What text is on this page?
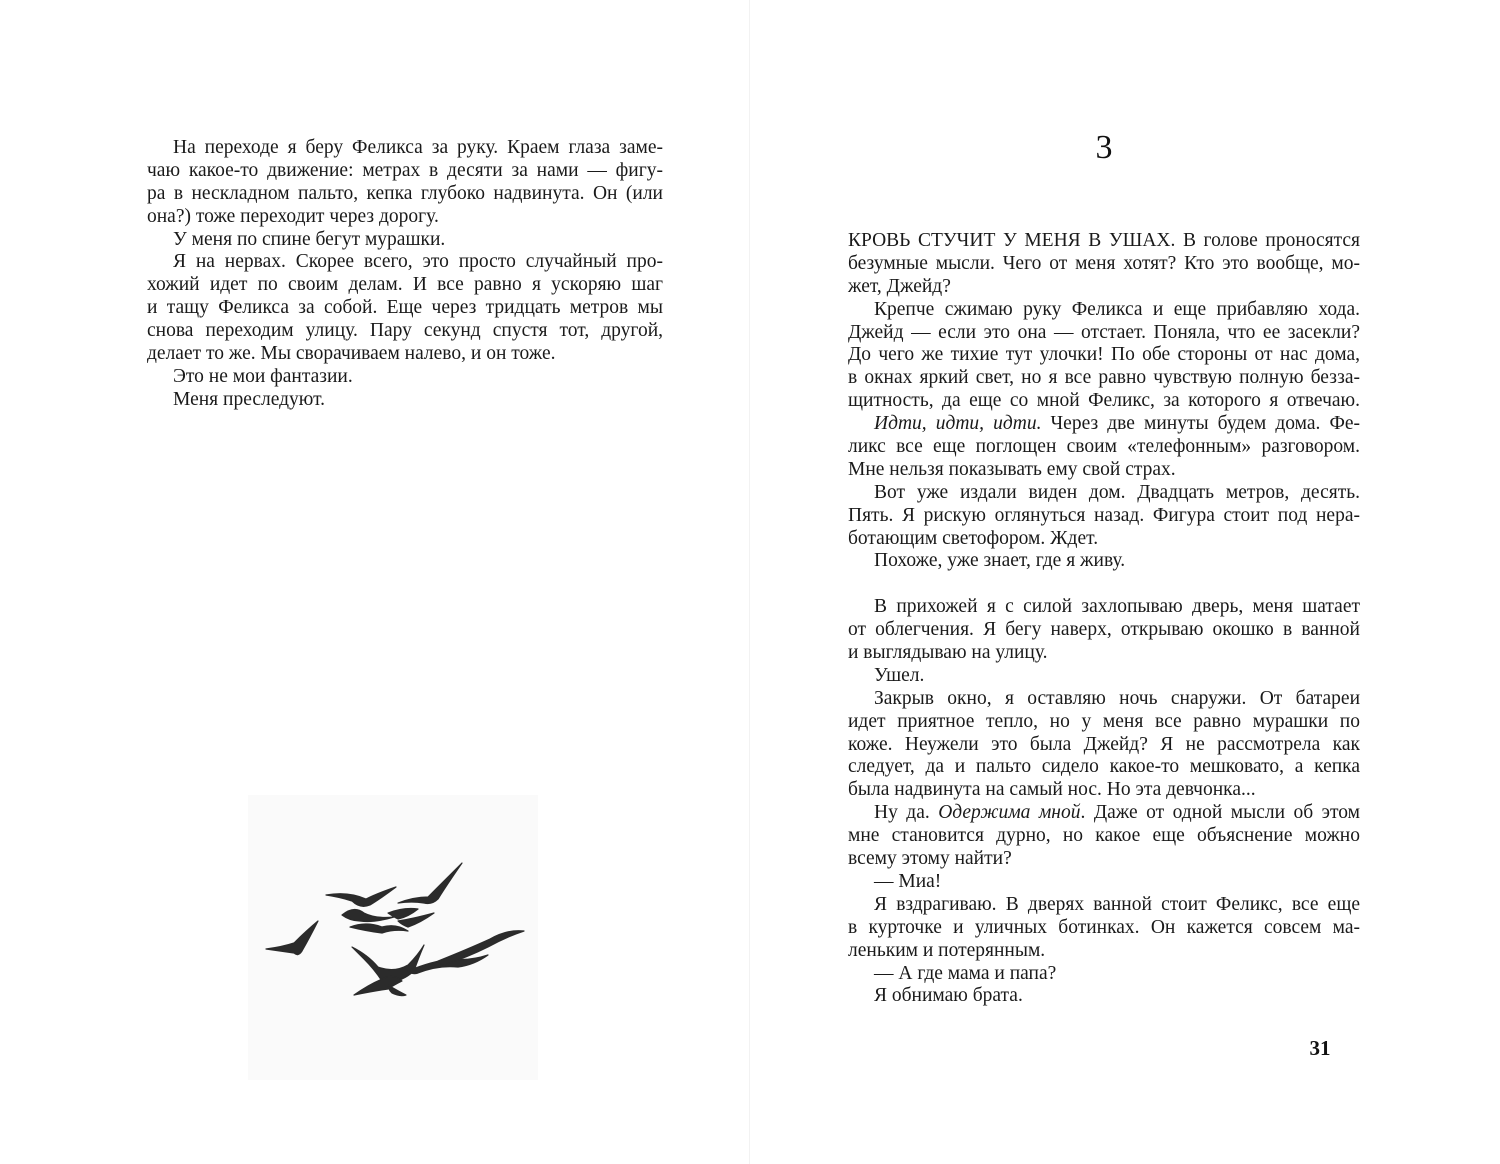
На переходе я беру Феликса за руку. Краем глаза заме-
чаю какое-то движение: метрах в десяти за нами — фигу-
ра в нескладном пальто, кепка глубоко надвинута. Он (или
она?) тоже переходит через дорогу.
У меня по спине бегут мурашки.
Я на нервах. Скорее всего, это просто случайный про-
хожий идет по своим делам. И все равно я ускоряю шаг
и тащу Феликса за собой. Еще через тридцать метров мы
снова переходим улицу. Пару секунд спустя тот, другой,
делает то же. Мы сворачиваем налево, и он тоже.
Это не мои фантазии.
Меня преследуют.
3
КРОВЬ СТУЧИТ У МЕНЯ В УШАХ. В голове проносятся
безумные мысли. Чего от меня хотят? Кто это вообще, мо-
жет, Джейд?
Крепче сжимаю руку Феликса и еще прибавляю хода.
Джейд — если это она — отстает. Поняла, что ее засекли?
До чего же тихие тут улочки! По обе стороны от нас дома,
в окнах яркий свет, но я все равно чувствую полную безза-
щитность, да еще со мной Феликс, за которого я отвечаю.
Идти, идти, идти. Через две минуты будем дома. Фе-
ликс все еще поглощен своим «телефонным» разговором.
Мне нельзя показывать ему свой страх.
Вот уже издали виден дом. Двадцать метров, десять.
Пять. Я рискую оглянуться назад. Фигура стоит под нера-
ботающим светофором. Ждет.
Похоже, уже знает, где я живу.
В прихожей я с силой захлопываю дверь, меня шатает
от облегчения. Я бегу наверх, открываю окошко в ванной
и выглядываю на улицу.
Ушел.
Закрыв окно, я оставляю ночь снаружи. От батареи
идет приятное тепло, но у меня все равно мурашки по
коже. Неужели это была Джейд? Я не рассмотрела как
следует, да и пальто сидело какое-то мешковато, а кепка
была надвинута на самый нос. Но эта девчонка...
Ну да. Одержима мной. Даже от одной мысли об этом
мне становится дурно, но какое еще объяснение можно
всему этому найти?
— Миа!
Я вздрагиваю. В дверях ванной стоит Феликс, все еще
в курточке и уличных ботинках. Он кажется совсем ма-
леньким и потерянным.
— А где мама и папа?
Я обнимаю брата.
31
